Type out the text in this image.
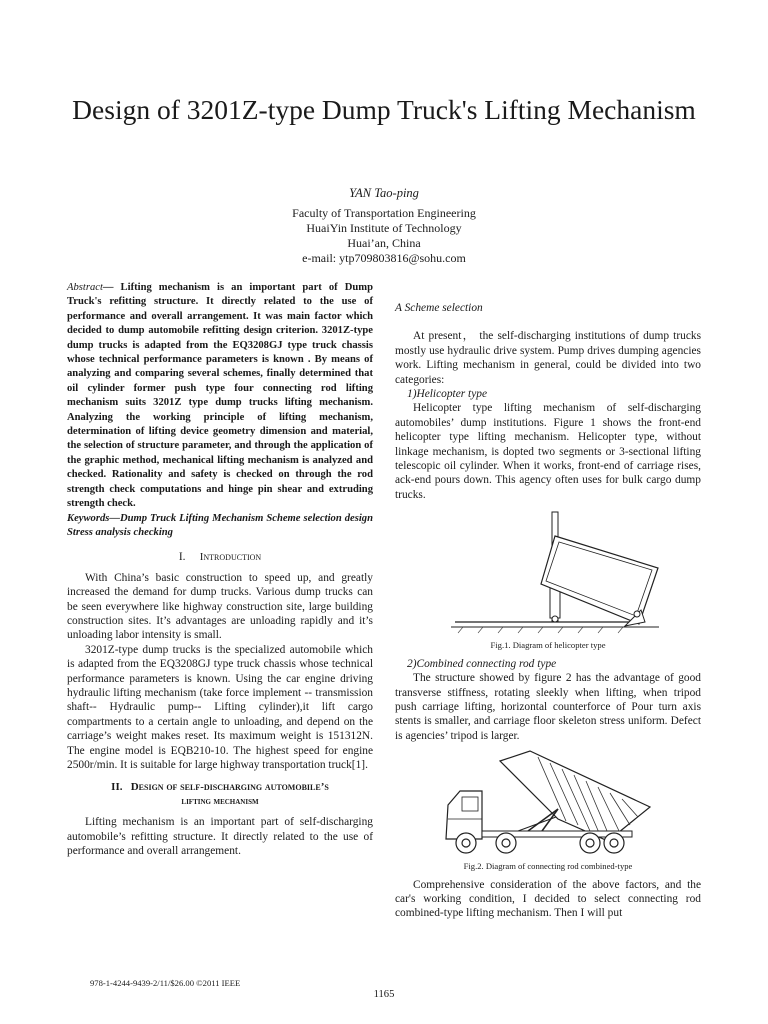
Design of 3201Z-type Dump Truck's Lifting Mechanism
YAN Tao-ping
Faculty of Transportation Engineering
HuaiYin Institute of Technology
Huai’an, China
e-mail: ytp709803816@sohu.com
Abstract— Lifting mechanism is an important part of Dump Truck's refitting structure. It directly related to the use of performance and overall arrangement. It was main factor which decided to dump automobile refitting design criterion. 3201Z-type dump trucks is adapted from the EQ3208GJ type truck chassis whose technical performance parameters is known . By means of analyzing and comparing several schemes, finally determined that oil cylinder former push type four connecting rod lifting mechanism suits 3201Z type dump trucks lifting mechanism. Analyzing the working principle of lifting mechanism, determination of lifting device geometry dimension and material, the selection of structure parameter, and through the application of the graphic method, mechanical lifting mechanism is analyzed and checked. Rationality and safety is checked on through the rod strength check computations and hinge pin shear and extruding strength check.
Keywords—Dump Truck Lifting Mechanism Scheme selection design Stress analysis checking
I. Introduction

With China’s basic construction to speed up, and greatly increased the demand for dump trucks. Various dump trucks can be seen everywhere like highway construction site, large building construction sites. It’s advantages are unloading rapidly and it’s unloading labor intensity is small.

3201Z-type dump trucks is the specialized automobile which is adapted from the EQ3208GJ type truck chassis whose technical performance parameters is known. Using the car engine driving hydraulic lifting mechanism (take force implement -- transmission shaft-- Hydraulic pump-- Lifting cylinder),it lift cargo compartments to a certain angle to unloading, and depend on the carriage’s weight makes reset. Its maximum weight is 151312N. The engine model is EQB210-10. The highest speed for engine 2500r/min. It is suitable for large highway transportation truck[1].

II. Design of self-discharging automobile’s
lifting mechanism

Lifting mechanism is an important part of self-discharging automobile’s refitting structure. It directly related to the use of performance and overall arrangement.

A Scheme selection

At present， the self-discharging institutions of dump trucks mostly use hydraulic drive system. Pump drives dumping agencies work. Lifting mechanism in general, could be divided into two categories:

1)Helicopter type

Helicopter type lifting mechanism of self-discharging automobiles’ dump institutions. Figure 1 shows the front-end helicopter type lifting mechanism. Helicopter type, without linkage mechanism, is dopted two segments or 3-sectional lifting telescopic oil cylinder. When it works, front-end of carriage rises, ack-end pours down. This agency often uses for bulk cargo dump trucks.

Fig.1. Diagram of helicopter type
2)Combined connecting rod type

The structure showed by figure 2 has the advantage of good transverse stiffness, rotating sleekly when lifting, when tripod push carriage lifting, horizontal counterforce of Pour turn axis stents is smaller, and carriage floor skeleton stress uniform. Defect is agencies’ tripod is larger.

Fig.2. Diagram of connecting rod combined-type

Comprehensive consideration of the above factors, and the car's working condition, I decided to select connecting rod combined-type lifting mechanism. Then I will put

978-1-4244-9439-2/11/$26.00 ©2011 IEEE
1165
